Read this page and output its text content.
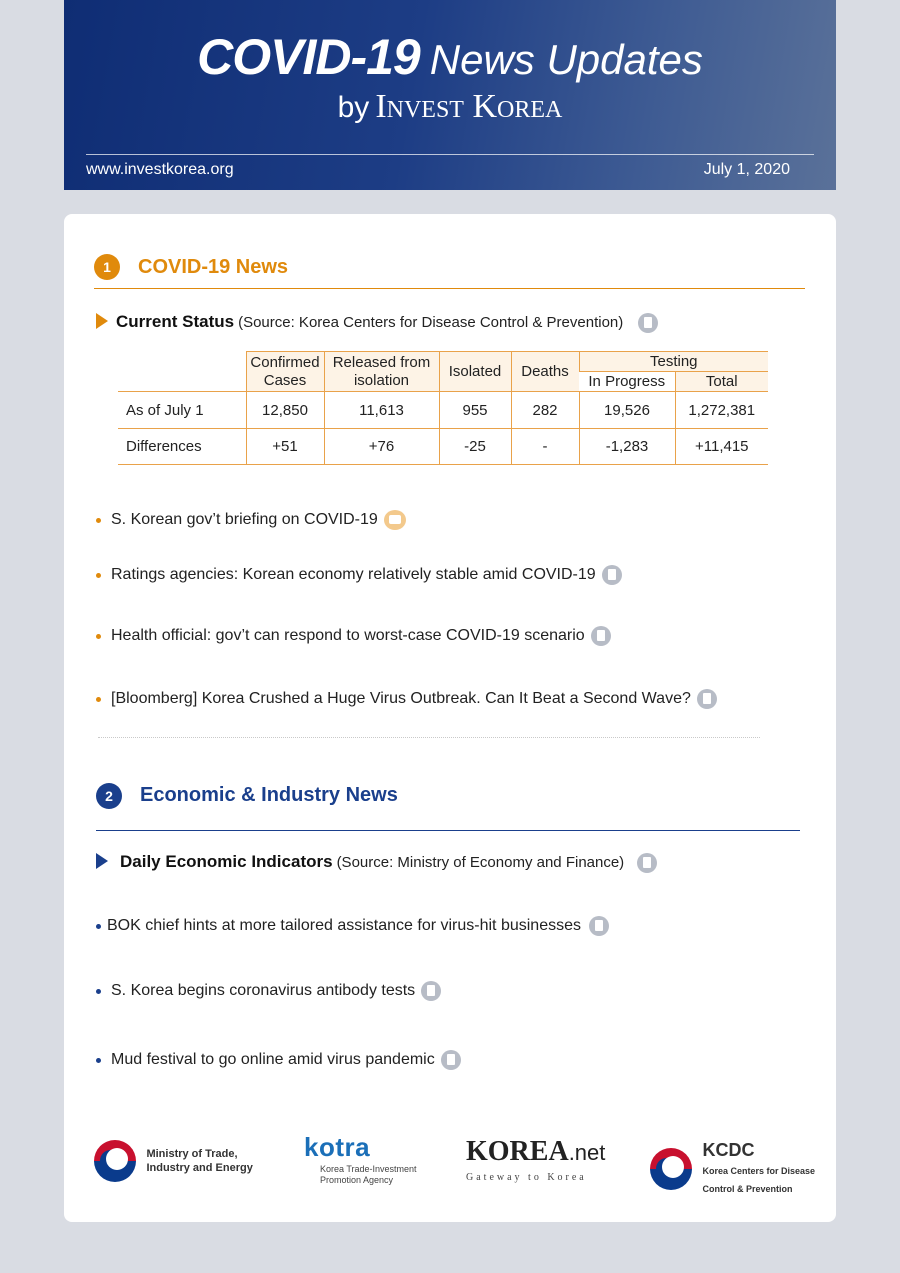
COVID-19 News Updates
by Invest Korea
www.investkorea.org	July 1, 2020
1	COVID-19 News
Current Status (Source: Korea Centers for Disease Control & Prevention)
	Confirmed Cases	Released from isolation	Isolated	Deaths	Testing	
					In Progress	Total
As of July 1	12,850	11,613	955	282	19,526	1,272,381
Differences	+51	+76	-25	-	-1,283	+11,415
S. Korean gov’t briefing on COVID-19
Ratings agencies: Korean economy relatively stable amid COVID-19
Health official: gov’t can respond to worst-case COVID-19 scenario
[Bloomberg] Korea Crushed a Huge Virus Outbreak. Can It Beat a Second Wave?
2	Economic & Industry News
Daily Economic Indicators (Source: Ministry of Economy and Finance)
BOK chief hints at more tailored assistance for virus-hit businesses
S. Korea begins coronavirus antibody tests
Mud festival to go online amid virus pandemic
Ministry of Trade,
Industry and Energy
kotra
Korea Trade-Investment
Promotion Agency
KOREA.net
Gateway to Korea
KCDC
Korea Centers for Disease
Control & Prevention
